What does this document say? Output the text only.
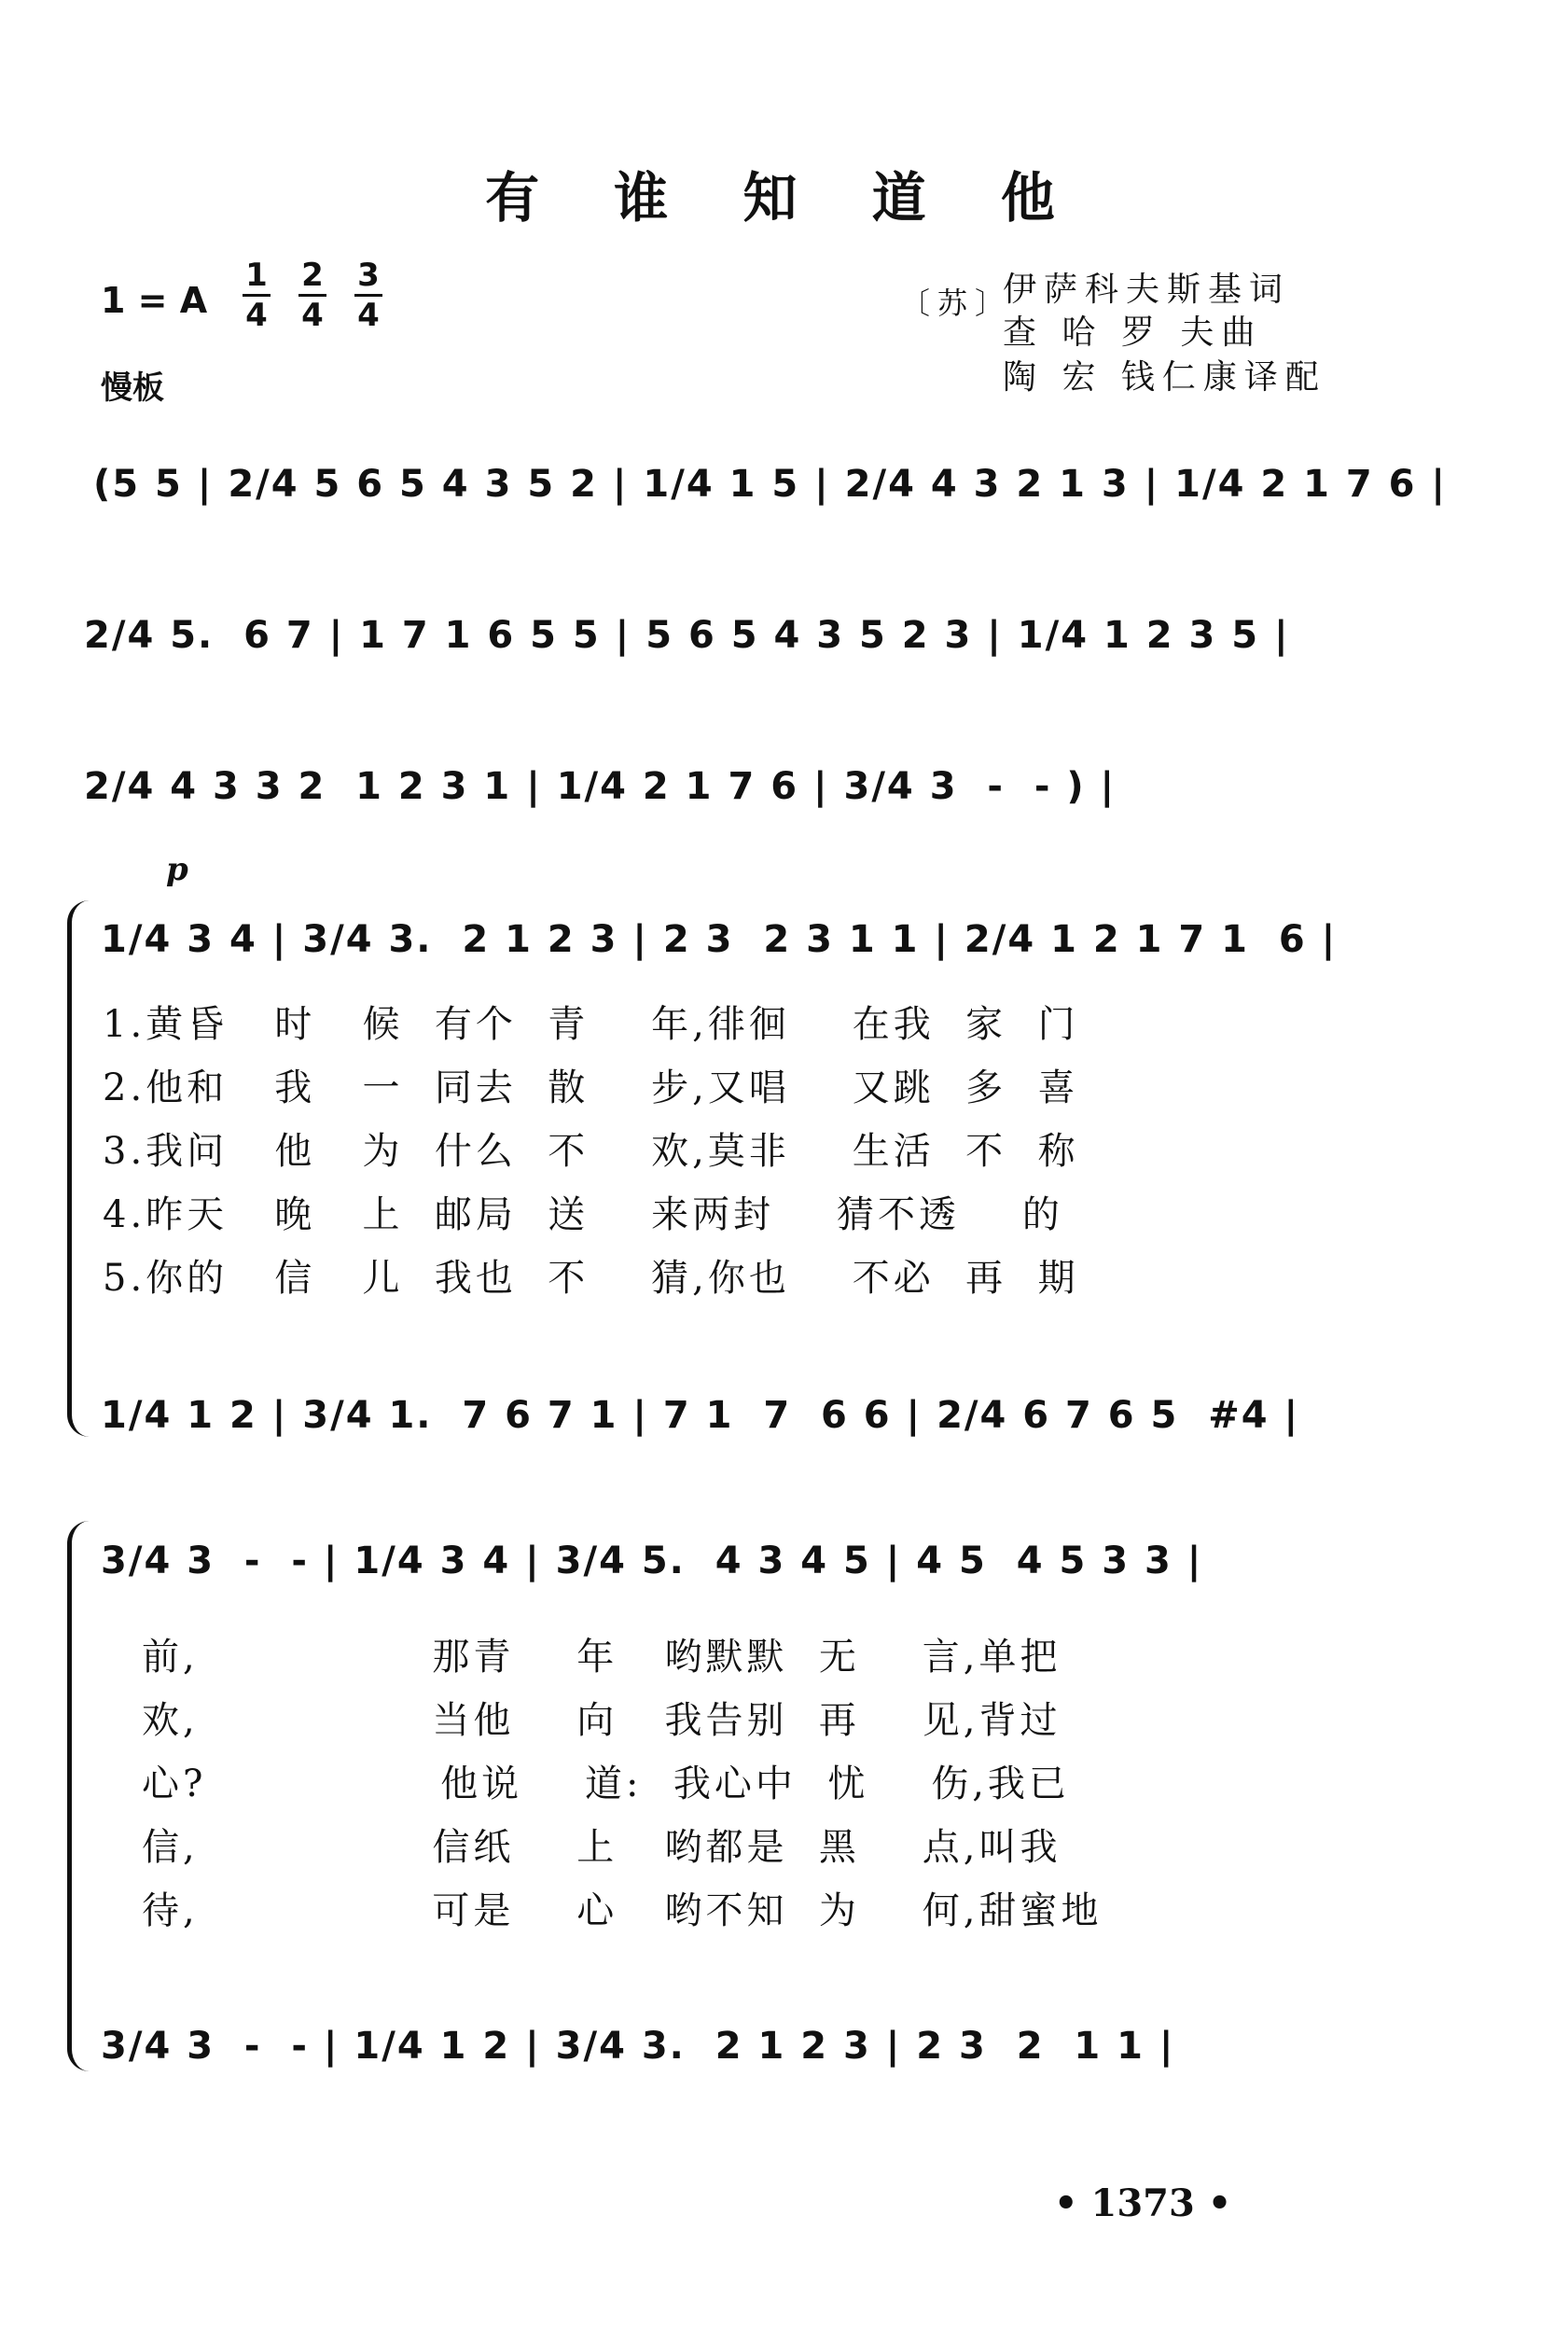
有 谁 知 道 他
1 = A
1
4
2
4
3
4
慢板
〔苏〕
伊萨科夫斯基词
查 哈 罗 夫曲
陶 宏 钱仁康译配
(5 5 | 2/4 5 6 5 4 3 5 2 | 1/4 1 5 | 2/4 4 3 2 1 3 | 1/4 2 1 7 6 |
2/4 5.  6 7 | 1 7 1 6 5 5 | 5 6 5 4 3 5 2 3 | 1/4 1 2 3 5 |
2/4 4 3 3 2  1 2 3 1 | 1/4 2 1 7 6 | 3/4 3  -  - ) |
p
1/4 3 4 | 3/4 3.  2 1 2 3 | 2 3  2 3 1 1 | 2/4 1 2 1 7 1  6 |
1.黄昏   时   候  有个  青    年,徘徊    在我  家  门
2.他和   我   一  同去  散    步,又唱    又跳  多  喜
3.我问   他   为  什么  不    欢,莫非    生活  不  称
4.昨天   晚   上  邮局  送    来两封    猜不透    的
5.你的   信   儿  我也  不    猜,你也    不必  再  期
1/4 1 2 | 3/4 1.  7 6 7 1 | 7 1  7  6 6 | 2/4 6 7 6 5  #4 |
3/4 3  -  - | 1/4 3 4 | 3/4 5.  4 3 4 5 | 4 5  4 5 3 3 |
前,               那青    年   哟默默  无    言,单把
欢,               当他    向   我告别  再    见,背过
心?               他说    道:  我心中  忧    伤,我已
信,               信纸    上   哟都是  黑    点,叫我
待,               可是    心   哟不知  为    何,甜蜜地
3/4 3  -  - | 1/4 1 2 | 3/4 3.  2 1 2 3 | 2 3  2  1 1 |
• 1373 •
